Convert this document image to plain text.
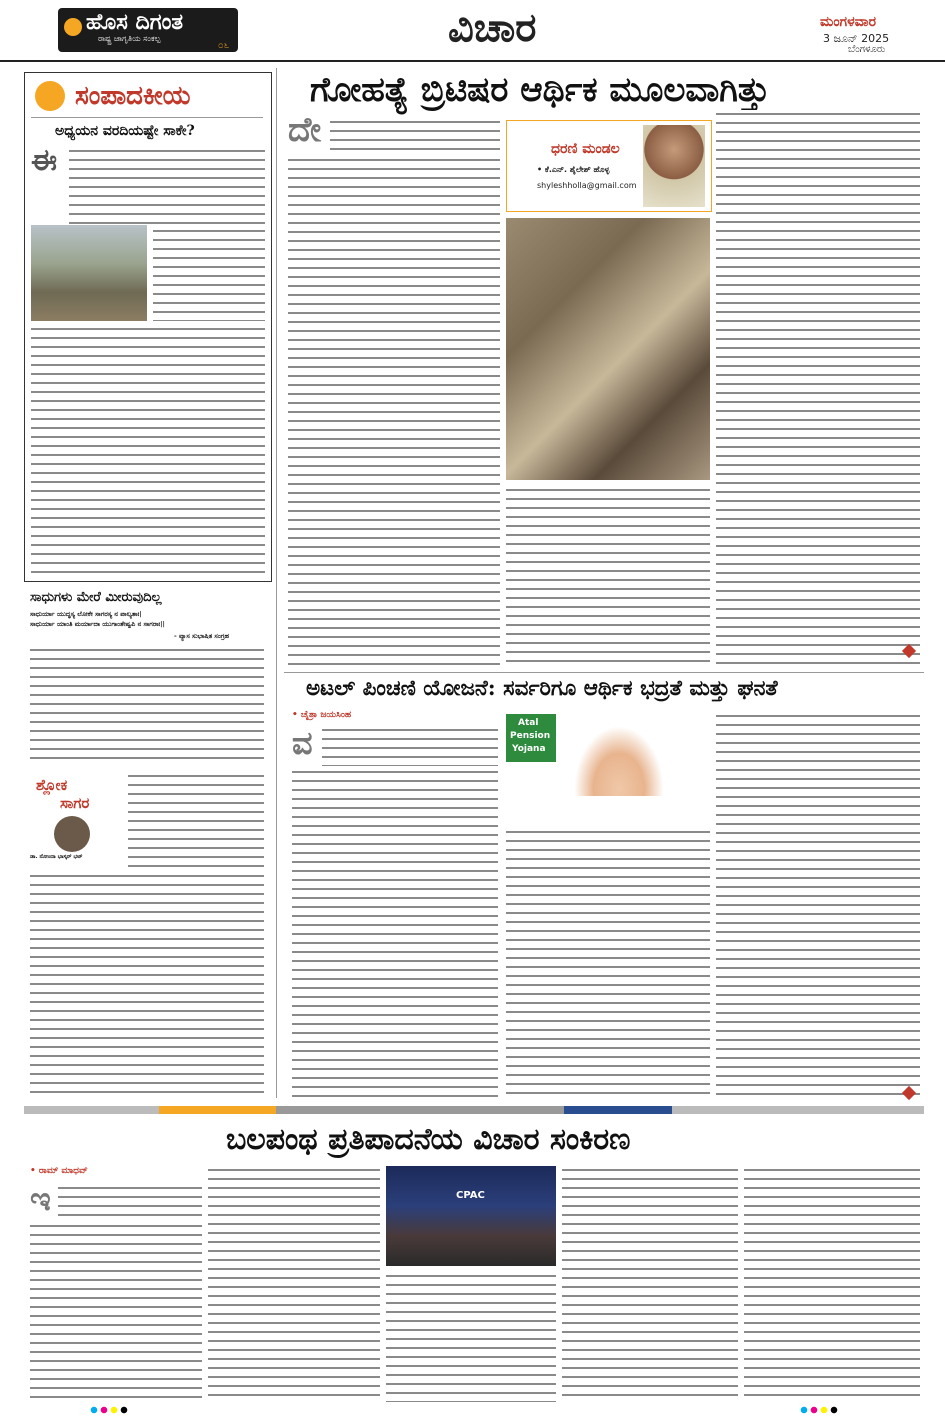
ಹೊಸ ದಿಗಂತ
ರಾಷ್ಟ್ರ ಜಾಗೃತಿಯ ಸಂಕಲ್ಪ
೦೬	ವಿಚಾರ	ಮಂಗಳವಾರ
3 ಜೂನ್ 2025
ಬೆಂಗಳೂರು
ಸಂಪಾದಕೀಯ
ಅಧ್ಯಯನ ವರದಿಯಷ್ಟೇ ಸಾಕೇ?
ಈ
ಸಾಧುಗಳು ಮೇರೆ ಮೀರುವುದಿಲ್ಲ
ಸಾಧುರ್ಯಾ ಯುದ್ಧಸ್ಯ ಲೋಕೇ ಸಾಗರಸ್ಯ ನ ಪಾಲ್ಯತಾಃ|
ಸಾಧುರ್ಯಾ ಯಾಂತಿ ಮರ್ಯಾದಾ ಯುಗಾಂತೇಷ್ವಪಿ ನ ಸಾಗರಾಃ||
- ವ್ಯಾಸ ಸುಭಾಷಿತ ಸಂಗ್ರಹ
ಶ್ಲೋಕ
ಸಾಗರ
ಡಾ. ನೋಂದಾ ಭಾಸ್ಕರ್ ಭಟ್
ಗೋಹತ್ಯೆ ಬ್ರಿಟಿಷರ ಆರ್ಥಿಕ ಮೂಲವಾಗಿತ್ತು
ದೇ	ಧರಣಿ ಮಂಡಲ
• ಕೆ.ಎನ್. ಶೈಲೇಶ್ ಹೊಳ್ಳ
shyleshholla@gmail.com
ಅಟಲ್ ಪಿಂಚಣಿ ಯೋಜನೆ: ಸರ್ವರಿಗೂ ಆರ್ಥಿಕ ಭದ್ರತೆ ಮತ್ತು ಘನತೆ
• ಚೈತ್ರಾ ಜಯಸಿಂಹ
ವ
Atal
Pension
Yojana
ಬಲಪಂಥ ಪ್ರತಿಪಾದನೆಯ ವಿಚಾರ ಸಂಕಿರಣ
• ರಾಮ್ ಮಾಧವ್
ಇ	CPAC
